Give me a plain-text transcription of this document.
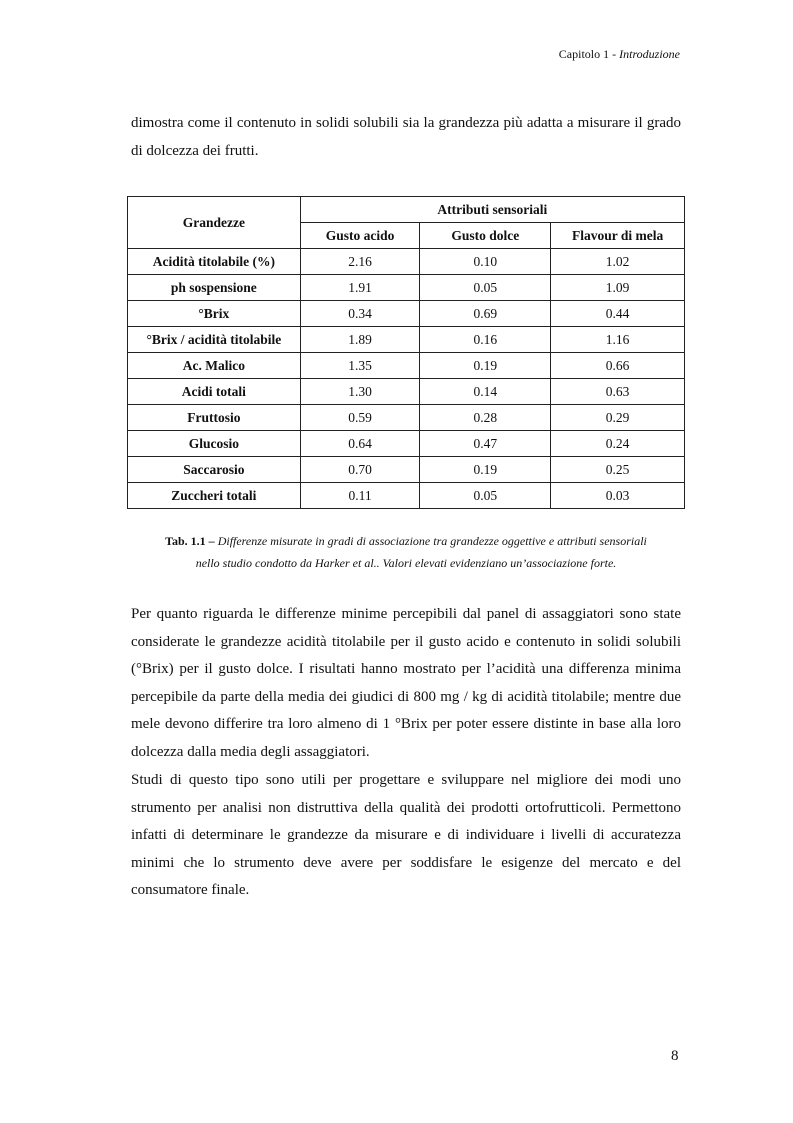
Capitolo 1 - Introduzione

dimostra come il contenuto in solidi solubili sia la grandezza più adatta a misurare il grado di dolcezza dei frutti.

Grandezze	Attributi sensoriali		
	Gusto acido	Gusto dolce	Flavour di mela
Acidità titolabile (%)	2.16	0.10	1.02
ph sospensione	1.91	0.05	1.09
°Brix	0.34	0.69	0.44
°Brix / acidità titolabile	1.89	0.16	1.16
Ac. Malico	1.35	0.19	0.66
Acidi totali	1.30	0.14	0.63
Fruttosio	0.59	0.28	0.29
Glucosio	0.64	0.47	0.24
Saccarosio	0.70	0.19	0.25
Zuccheri totali	0.11	0.05	0.03
Tab. 1.1 – Differenze misurate in gradi di associazione tra grandezze oggettive e attributi sensoriali
nello studio condotto da Harker et al.. Valori elevati evidenziano un’associazione forte.

Per quanto riguarda le differenze minime percepibili dal panel di assaggiatori sono state considerate le grandezze acidità titolabile per il gusto acido e contenuto in solidi solubili (°Brix) per il gusto dolce. I risultati hanno mostrato per l’acidità una differenza minima percepibile da parte della media dei giudici di 800 mg / kg di acidità titolabile; mentre due mele devono differire tra loro almeno di 1 °Brix per poter essere distinte in base alla loro dolcezza dalla media degli assaggiatori.

Studi di questo tipo sono utili per progettare e sviluppare nel migliore dei modi uno strumento per analisi non distruttiva della qualità dei prodotti ortofrutticoli. Permettono infatti di determinare le grandezze da misurare e di individuare i livelli di accuratezza minimi che lo strumento deve avere per soddisfare le esigenze del mercato e del consumatore finale.

8
